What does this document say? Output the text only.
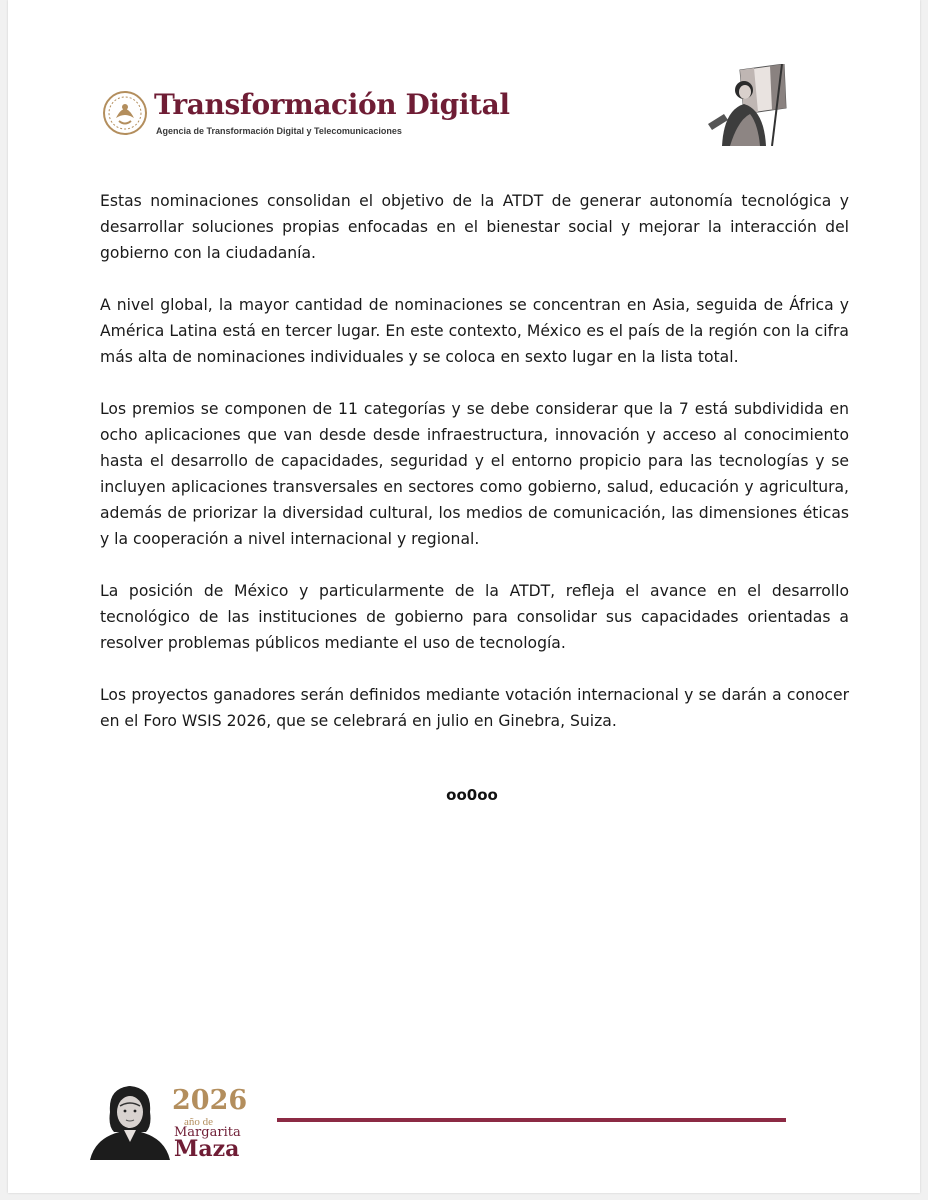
Transformación Digital
Agencia de Transformación Digital y Telecomunicaciones

Estas nominaciones consolidan el objetivo de la ATDT de generar autonomía tecnológica y desarrollar soluciones propias enfocadas en el bienestar social y mejorar la interacción del gobierno con la ciudadanía.

A nivel global, la mayor cantidad de nominaciones se concentran en Asia, seguida de África y América Latina está en tercer lugar. En este contexto, México es el país de la región con la cifra más alta de nominaciones individuales y se coloca en sexto lugar en la lista total.

Los premios se componen de 11 categorías y se debe considerar que la 7 está subdividida en ocho aplicaciones que van desde desde infraestructura, innovación y acceso al conocimiento hasta el desarrollo de capacidades, seguridad y el entorno propicio para las tecnologías y se incluyen aplicaciones transversales en sectores como gobierno, salud, educación y agricultura, además de priorizar la diversidad cultural, los medios de comunicación, las dimensiones éticas y la cooperación a nivel internacional y regional.

La posición de México y particularmente de la ATDT, refleja el avance en el desarrollo tecnológico de las instituciones de gobierno para consolidar sus capacidades orientadas a resolver problemas públicos mediante el uso de tecnología.

Los proyectos ganadores serán definidos mediante votación internacional y se darán a conocer en el Foro WSIS 2026, que se celebrará en julio en Ginebra, Suiza.

oo0oo
2026
año de
Margarita
Maza
